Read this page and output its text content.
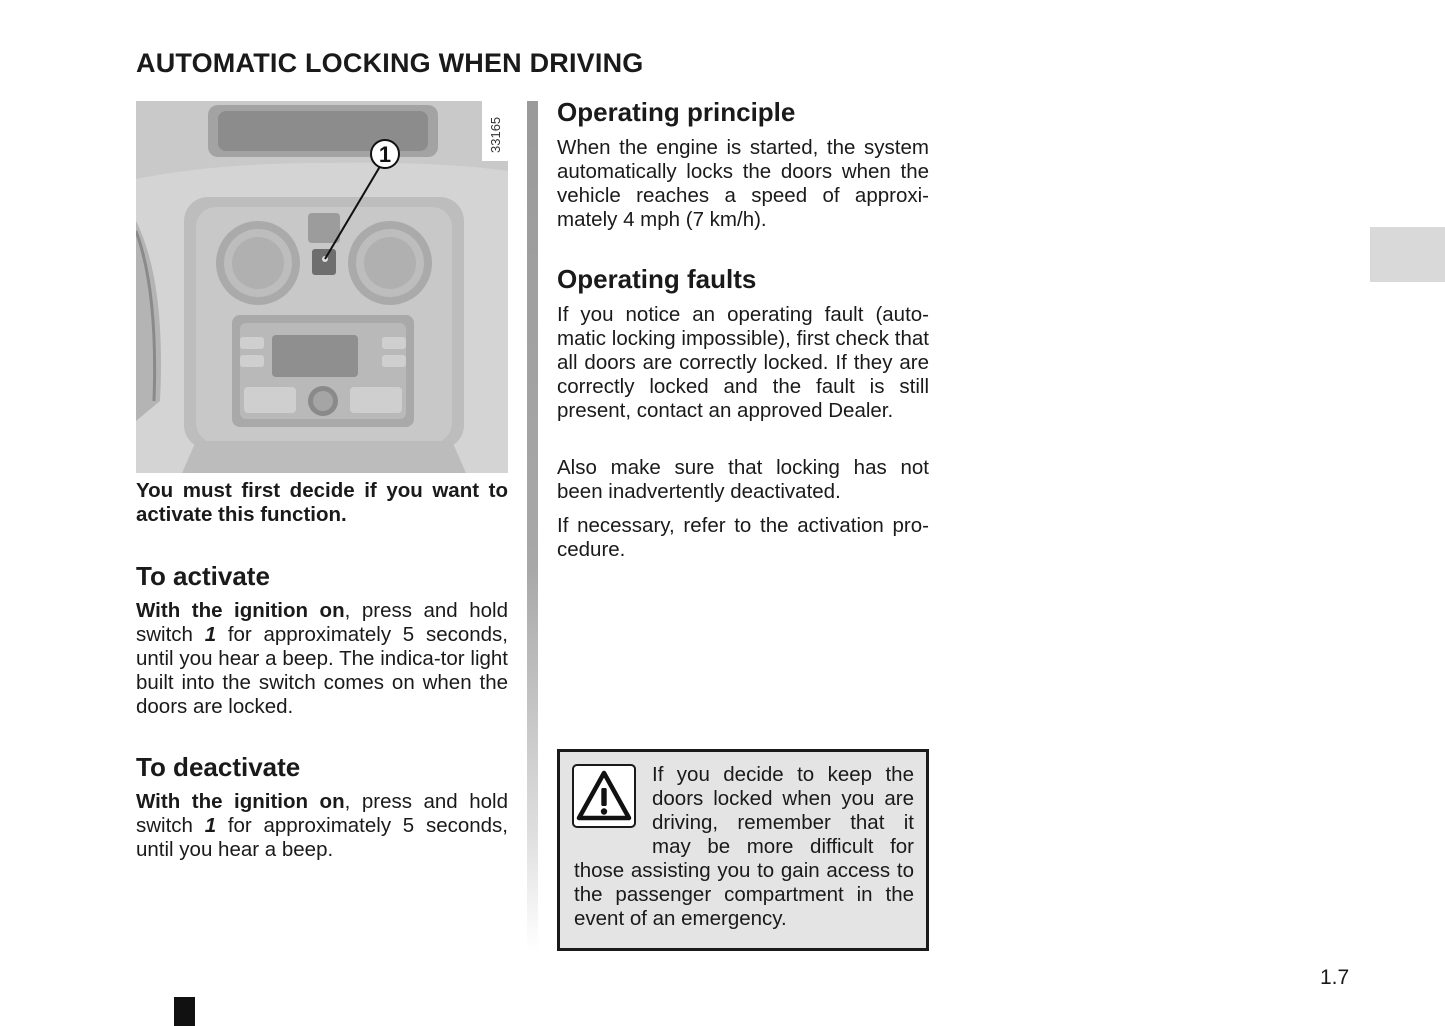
AUTOMATIC LOCKING WHEN DRIVING
1
33165
You must first decide if you want to activate this function.
To activate
With the ignition on, press and hold switch 1 for approximately 5 seconds, until you hear a beep. The indica-tor light built into the switch comes on when the doors are locked.
To deactivate
With the ignition on, press and hold switch 1 for approximately 5 seconds, until you hear a beep.
Operating principle
When the engine is started, the system automatically locks the doors when the vehicle reaches a speed of approxi-mately 4 mph (7 km/h).
Operating faults
If you notice an operating fault (auto-matic locking impossible), first check that all doors are correctly locked. If they are correctly locked and the fault is still present, contact an approved Dealer.
Also make sure that locking has not been inadvertently deactivated.
If necessary, refer to the activation pro-cedure.
If you decide to keep the doors locked when you are driving, remember that it may be more difficult for those assisting you to gain access to the passenger compartment in the event of an emergency.
1.7
